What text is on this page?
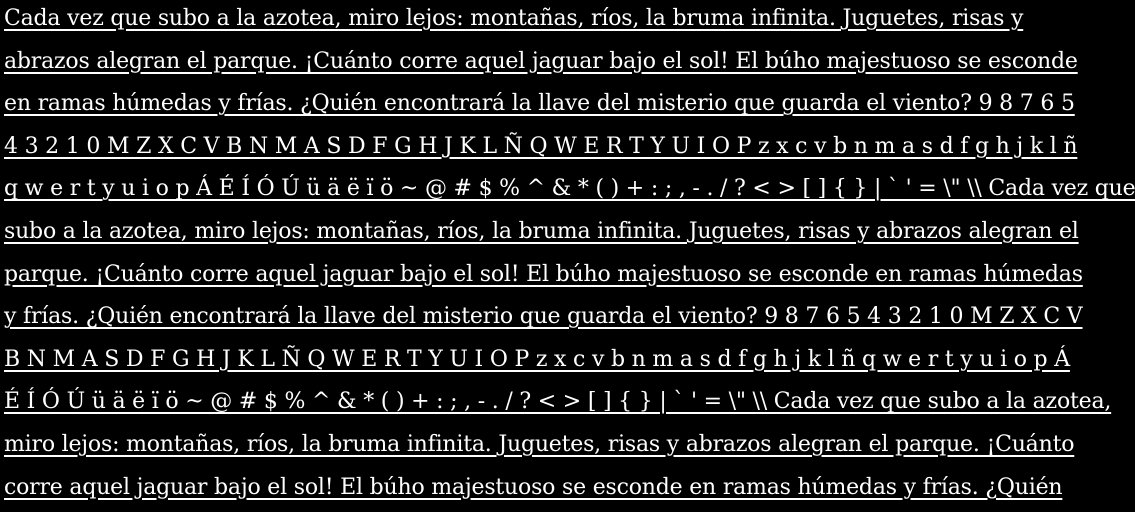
Cada vez que subo a la azotea, miro lejos: montañas, ríos, la bruma infinita. Juguetes, risas y
abrazos alegran el parque. ¡Cuánto corre aquel jaguar bajo el sol! El búho majestuoso se esconde
en ramas húmedas y frías. ¿Quién encontrará la llave del misterio que guarda el viento? 9 8 7 6 5
4 3 2 1 0 M Z X C V B N M A S D F G H J K L Ñ Q W E R T Y U I O P z x c v b n m a s d f g h j k l ñ
q w e r t y u i o p Á É Í Ó Ú ü ä ë ï ö ~ @ # $ % ^ & * ( ) + : ; , - . / ? < > [ ] { } | ` ' = \" \\ Cada vez que
subo a la azotea, miro lejos: montañas, ríos, la bruma infinita. Juguetes, risas y abrazos alegran el
parque. ¡Cuánto corre aquel jaguar bajo el sol! El búho majestuoso se esconde en ramas húmedas
y frías. ¿Quién encontrará la llave del misterio que guarda el viento? 9 8 7 6 5 4 3 2 1 0 M Z X C V
B N M A S D F G H J K L Ñ Q W E R T Y U I O P z x c v b n m a s d f g h j k l ñ q w e r t y u i o p Á
É Í Ó Ú ü ä ë ï ö ~ @ # $ % ^ & * ( ) + : ; , - . / ? < > [ ] { } | ` ' = \" \\ Cada vez que subo a la azotea,
miro lejos: montañas, ríos, la bruma infinita. Juguetes, risas y abrazos alegran el parque. ¡Cuánto
corre aquel jaguar bajo el sol! El búho majestuoso se esconde en ramas húmedas y frías. ¿Quién
